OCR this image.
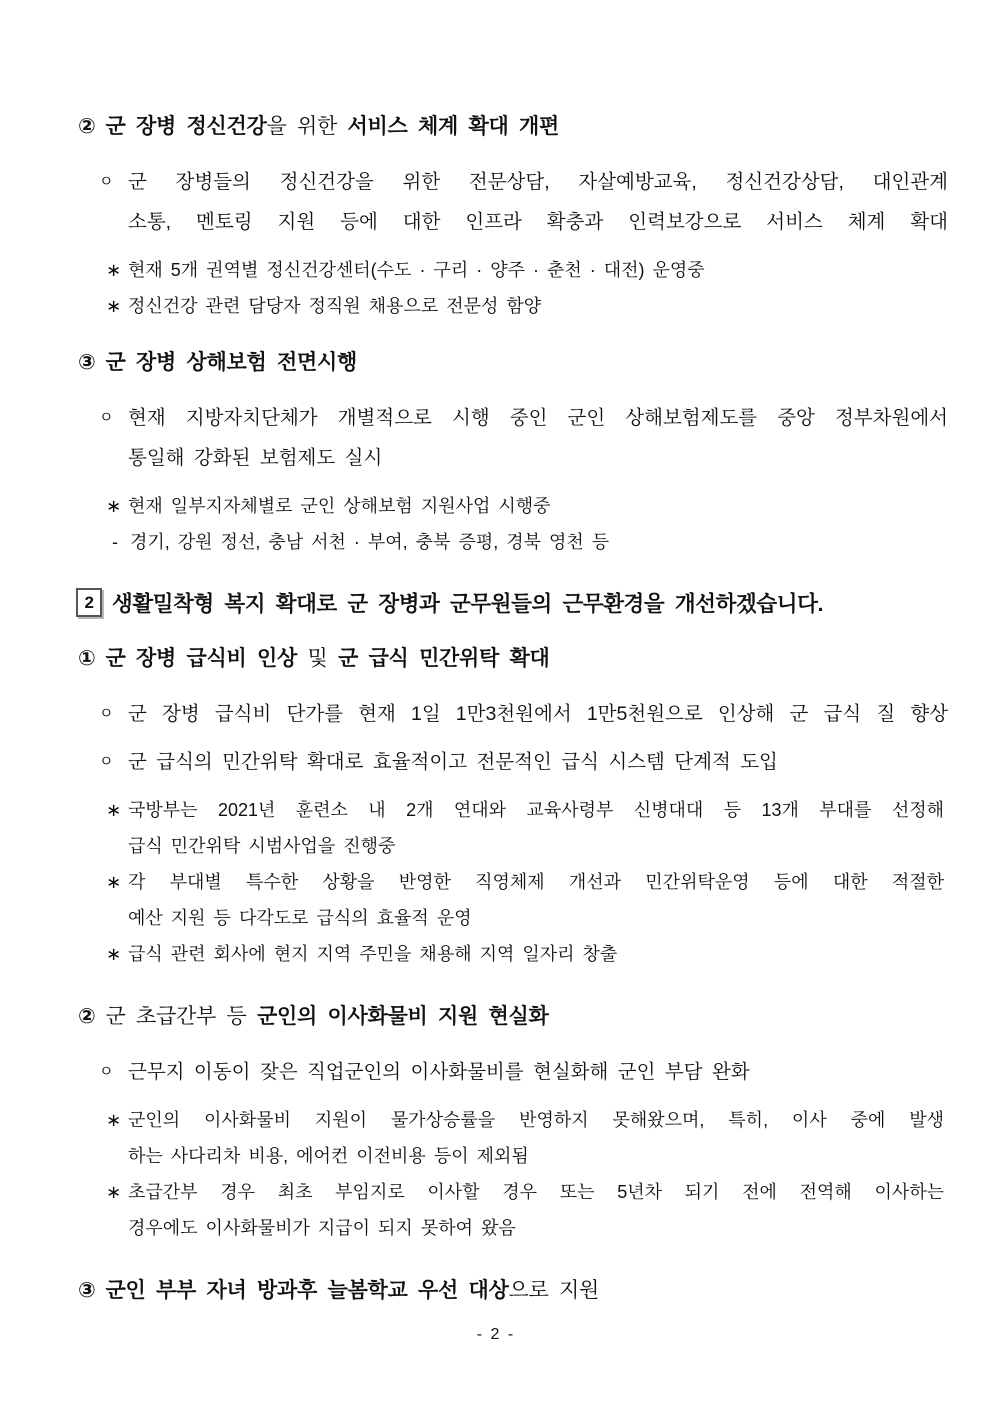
② 군 장병 정신건강을 위한 서비스 체계 확대 개편
ㅇ 군 장병들의 정신건강을 위한 전문상담, 자살예방교육, 정신건강상담, 대인관계
소통, 멘토링 지원 등에 대한 인프라 확충과 인력보강으로 서비스 체계 확대
∗ 현재 5개 권역별 정신건강센터(수도 · 구리 · 양주 · 춘천 · 대전) 운영중
∗ 정신건강 관련 담당자 정직원 채용으로 전문성 함양
③ 군 장병 상해보험 전면시행
ㅇ 현재 지방자치단체가 개별적으로 시행 중인 군인 상해보험제도를 중앙 정부차원에서
통일해 강화된 보험제도 실시
∗ 현재 일부지자체별로 군인 상해보험 지원사업 시행중
- 경기, 강원 정선, 충남 서천 · 부여, 충북 증평, 경북 영천 등
2 생활밀착형 복지 확대로 군 장병과 군무원들의 근무환경을 개선하겠습니다.
① 군 장병 급식비 인상 및 군 급식 민간위탁 확대
ㅇ 군 장병 급식비 단가를 현재 1일 1만3천원에서 1만5천원으로 인상해 군 급식 질 향상
ㅇ 군 급식의 민간위탁 확대로 효율적이고 전문적인 급식 시스템 단계적 도입
∗ 국방부는 2021년 훈련소 내 2개 연대와 교육사령부 신병대대 등 13개 부대를 선정해
급식 민간위탁 시범사업을 진행중
∗ 각 부대별 특수한 상황을 반영한 직영체제 개선과 민간위탁운영 등에 대한 적절한
예산 지원 등 다각도로 급식의 효율적 운영
∗ 급식 관련 회사에 현지 지역 주민을 채용해 지역 일자리 창출
② 군 초급간부 등 군인의 이사화물비 지원 현실화
ㅇ 근무지 이동이 잦은 직업군인의 이사화물비를 현실화해 군인 부담 완화
∗ 군인의 이사화물비 지원이 물가상승률을 반영하지 못해왔으며, 특히, 이사 중에 발생
하는 사다리차 비용, 에어컨 이전비용 등이 제외됨
∗ 초급간부 경우 최초 부임지로 이사할 경우 또는 5년차 되기 전에 전역해 이사하는
경우에도 이사화물비가 지급이 되지 못하여 왔음
③ 군인 부부 자녀 방과후 늘봄학교 우선 대상으로 지원
- 2 -
